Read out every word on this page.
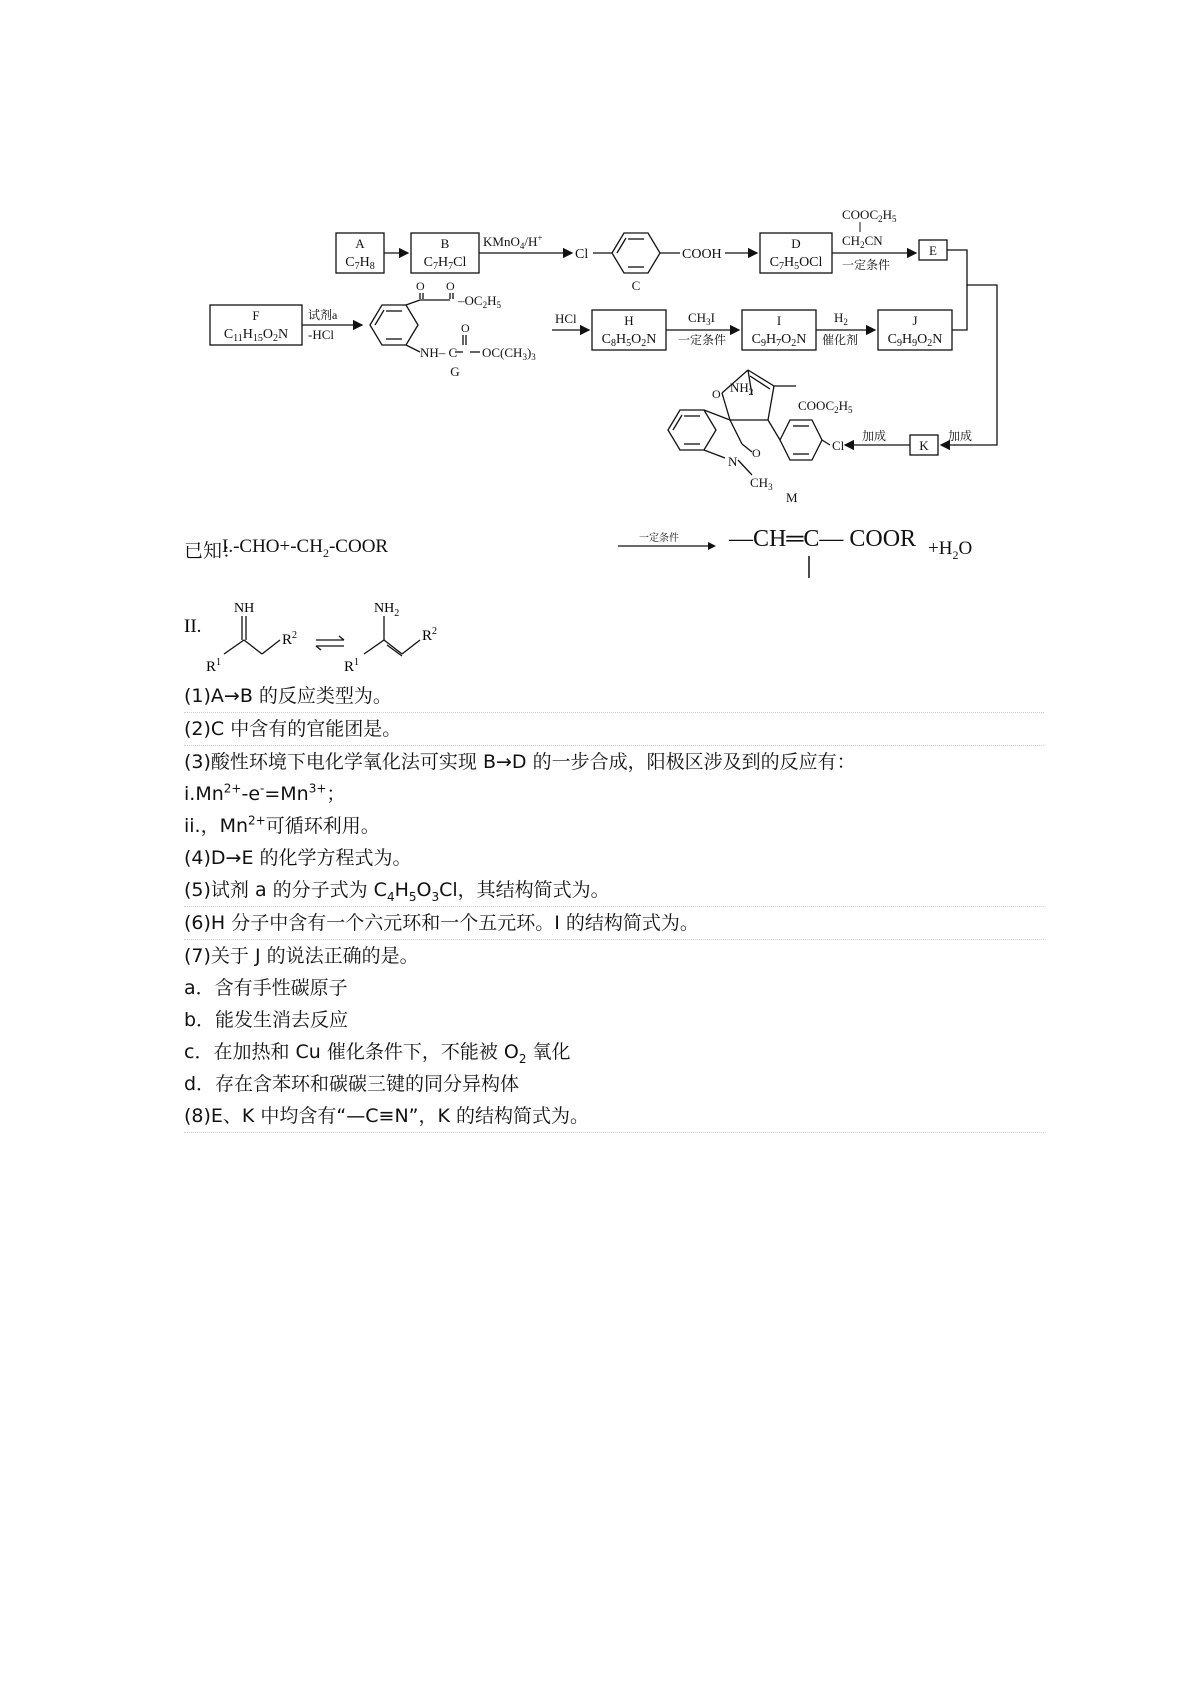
A
$C_7H_8$
B
$C_7H_7Cl$
KMnO$_4$/H+
Cl	COOH
C
D
$C_7H_5OCl$
$COOC_2H_5$
$CH_2CN$
一定条件
E
F
$C_{11}H_{15}O_2N$
试剂a
-HCl
O O
$-OC_2H_5$
O
NH– C $OC(CH_3)_3$
G
HCl	H
$C_8H_5O_2N$
$CH_3I$
一定条件
I
$C_9H_7O_2N$
$H_2$
催化剂
J
$C_9H_9O_2N$
加成
K
加成
$NH_2$
$COOC_2H_5$
O
O
N
$CH_3$
Cl
M
已知：
$I.-CHO+-CH_2$-COOR	一定条件 —CH═C— COOR $+H_2O$
II.
NH
$R^1$
$R^2$
$NH_2$
$R^1$
$R^2$
(1)A→B 的反应类型为。
(2)C 中含有的官能团是。
(3)酸性环境下电化学氧化法可实现 B→D 的一步合成，阳极区涉及到的反应有：
$i.Mn^{2+}-e^-=Mn^{3+}$；
ii.，$Mn^{2+}$可循环利用。
(4)D→E 的化学方程式为。
(5)试剂 a 的分子式为 $C_4H_5O_3Cl$，其结构简式为。
(6)H 分子中含有一个六元环和一个五元环。I 的结构简式为。
(7)关于 J 的说法正确的是。
a．含有手性碳原子
b．能发生消去反应
c．在加热和 Cu 催化条件下，不能被 $O_2$ 氧化
d．存在含苯环和碳碳三键的同分异构体
(8)E、K 中均含有“—C≡N”，K 的结构简式为。
